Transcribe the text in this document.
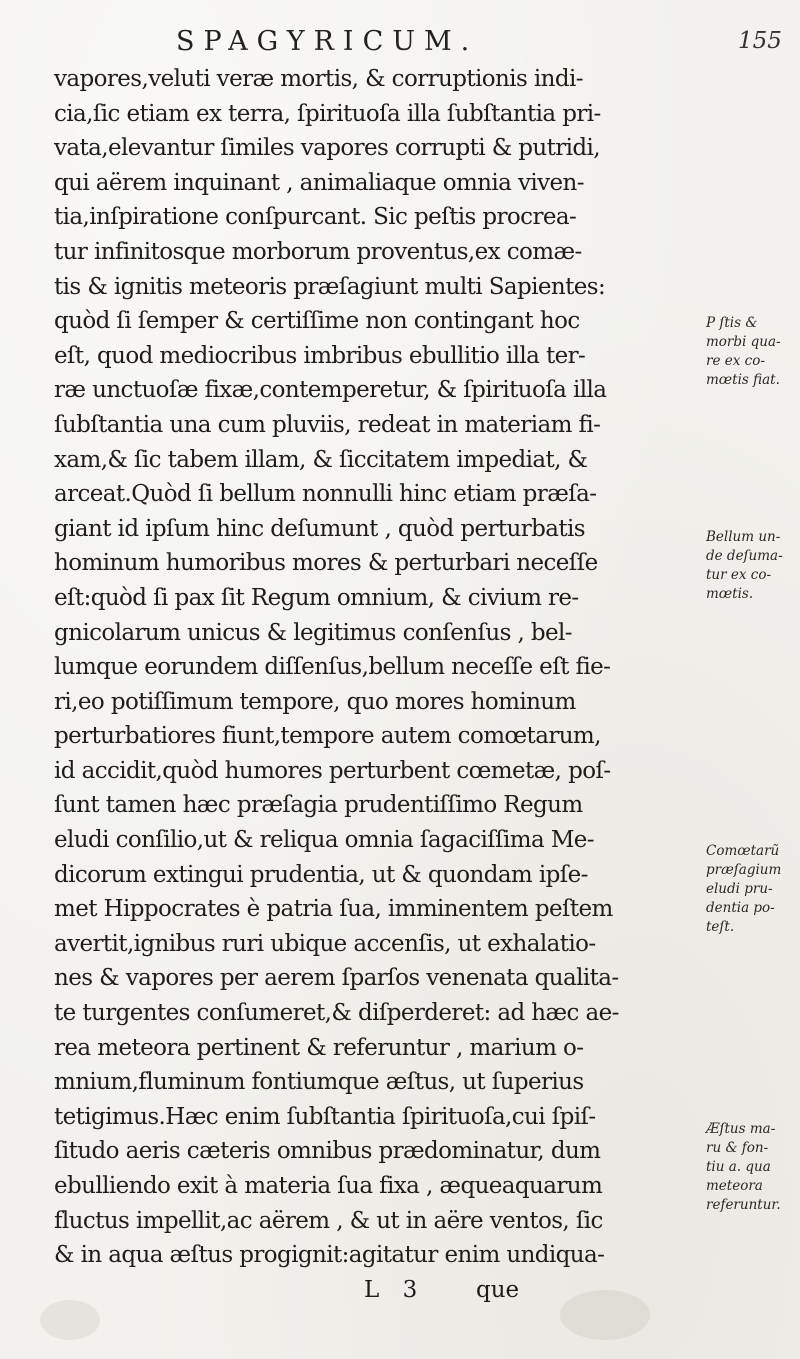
SPAGYRICUM.	155
vapores,veluti veræ mortis, & corruptionis indi-
cia,ſic etiam ex terra, ſpirituoſa illa ſubſtantia pri-
vata,elevantur ſimiles vapores corrupti & putridi,
qui aërem inquinant , animaliaque omnia viven-
tia,inſpiratione conſpurcant. Sic peſtis procrea-
tur infinitosque morborum proventus,ex comæ-
tis & ignitis meteoris præſagiunt multi Sapientes:
quòd ſi ſemper & certiſſime non contingant hoc
eſt, quod mediocribus imbribus ebullitio illa ter-
ræ unctuoſæ fixæ,contemperetur, & ſpirituoſa illa
ſubſtantia una cum pluviis, redeat in materiam fi-
xam,& ſic tabem illam, & ſiccitatem impediat, &
arceat.Quòd ſi bellum nonnulli hinc etiam præſa-
giant id ipſum hinc deſumunt , quòd perturbatis
hominum humoribus mores & perturbari neceſſe
eſt:quòd ſi pax ſit Regum omnium, & civium re-
gnicolarum unicus & legitimus conſenſus , bel-
lumque eorundem diſſenſus,bellum neceſſe eſt fie-
ri,eo potiſſimum tempore, quo mores hominum
perturbatiores fiunt,tempore autem comœtarum,
id accidit,quòd humores perturbent cœmetæ, poſ-
ſunt tamen hæc præſagia prudentiſſimo Regum
eludi conſilio,ut & reliqua omnia ſagaciſſima Me-
dicorum extingui prudentia, ut & quondam ipſe-
met Hippocrates è patria ſua, imminentem peſtem
avertit,ignibus ruri ubique accenſis, ut exhalatio-
nes & vapores per aerem ſparſos venenata qualita-
te turgentes conſumeret,& diſperderet: ad hæc ae-
rea meteora pertinent & referuntur , marium o-
mnium,fluminum fontiumque æſtus, ut ſuperius
tetigimus.Hæc enim ſubſtantia ſpirituoſa,cui ſpiſ-
ſitudo aeris cæteris omnibus prædominatur, dum
ebulliendo exit à materia ſua fixa , æqueaquarum
fluctus impellit,ac aërem , & ut in aëre ventos, ſic
& in aqua æſtus progignit:agitatur enim undiqua-
L 3 que
P ſtis &
morbi qua-
re ex co-
mœtis fiat.
Bellum un-
de deſuma-
tur ex co-
mœtis.
Comœtarũ
præſagium
eludi pru-
dentia po-
teſt.
Æſtus ma-
ru & fon-
tiu a. qua
meteora
referuntur.
